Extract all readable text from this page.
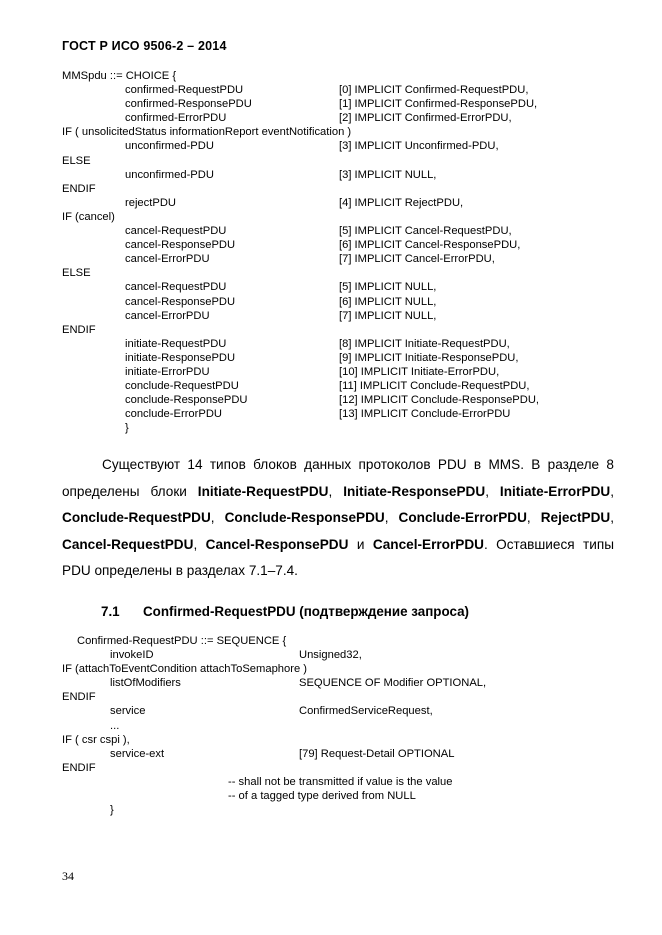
ГОСТ Р ИСО 9506-2 – 2014
MMSpdu ::= CHOICE {
confirmed-RequestPDU	[0] IMPLICIT Confirmed-RequestPDU,
confirmed-ResponsePDU	[1] IMPLICIT Confirmed-ResponsePDU,
confirmed-ErrorPDU	[2] IMPLICIT Confirmed-ErrorPDU,
IF ( unsolicitedStatus informationReport eventNotification )
unconfirmed-PDU	[3] IMPLICIT Unconfirmed-PDU,
ELSE
unconfirmed-PDU	[3] IMPLICIT NULL,
ENDIF
rejectPDU	[4] IMPLICIT RejectPDU,
IF (cancel)
cancel-RequestPDU	[5] IMPLICIT Cancel-RequestPDU,
cancel-ResponsePDU	[6] IMPLICIT Cancel-ResponsePDU,
cancel-ErrorPDU	[7] IMPLICIT Cancel-ErrorPDU,
ELSE
cancel-RequestPDU	[5] IMPLICIT NULL,
cancel-ResponsePDU	[6] IMPLICIT NULL,
cancel-ErrorPDU	[7] IMPLICIT NULL,
ENDIF
initiate-RequestPDU	[8] IMPLICIT Initiate-RequestPDU,
initiate-ResponsePDU	[9] IMPLICIT Initiate-ResponsePDU,
initiate-ErrorPDU	[10] IMPLICIT Initiate-ErrorPDU,
conclude-RequestPDU	[11] IMPLICIT Conclude-RequestPDU,
conclude-ResponsePDU	[12] IMPLICIT Conclude-ResponsePDU,
conclude-ErrorPDU	[13] IMPLICIT Conclude-ErrorPDU
}

Существуют 14 типов блоков данных протоколов PDU в MMS. В разделе 8 определены блоки Initiate-RequestPDU, Initiate-ResponsePDU, Initiate-ErrorPDU, Conclude-RequestPDU, Conclude-ResponsePDU, Conclude-ErrorPDU, RejectPDU, Cancel-RequestPDU, Cancel-ResponsePDU и Cancel-ErrorPDU. Оставшиеся типы PDU определены в разделах 7.1–7.4.

7.1 Confirmed-RequestPDU (подтверждение запроса)
Confirmed-RequestPDU ::= SEQUENCE {
invokeID	Unsigned32,
IF (attachToEventCondition attachToSemaphore )
listOfModifiers	SEQUENCE OF Modifier OPTIONAL,
ENDIF
service	ConfirmedServiceRequest,
...
IF ( csr cspi ),
service-ext	[79] Request-Detail OPTIONAL
ENDIF
-- shall not be transmitted if value is the value
-- of a tagged type derived from NULL
}
34
